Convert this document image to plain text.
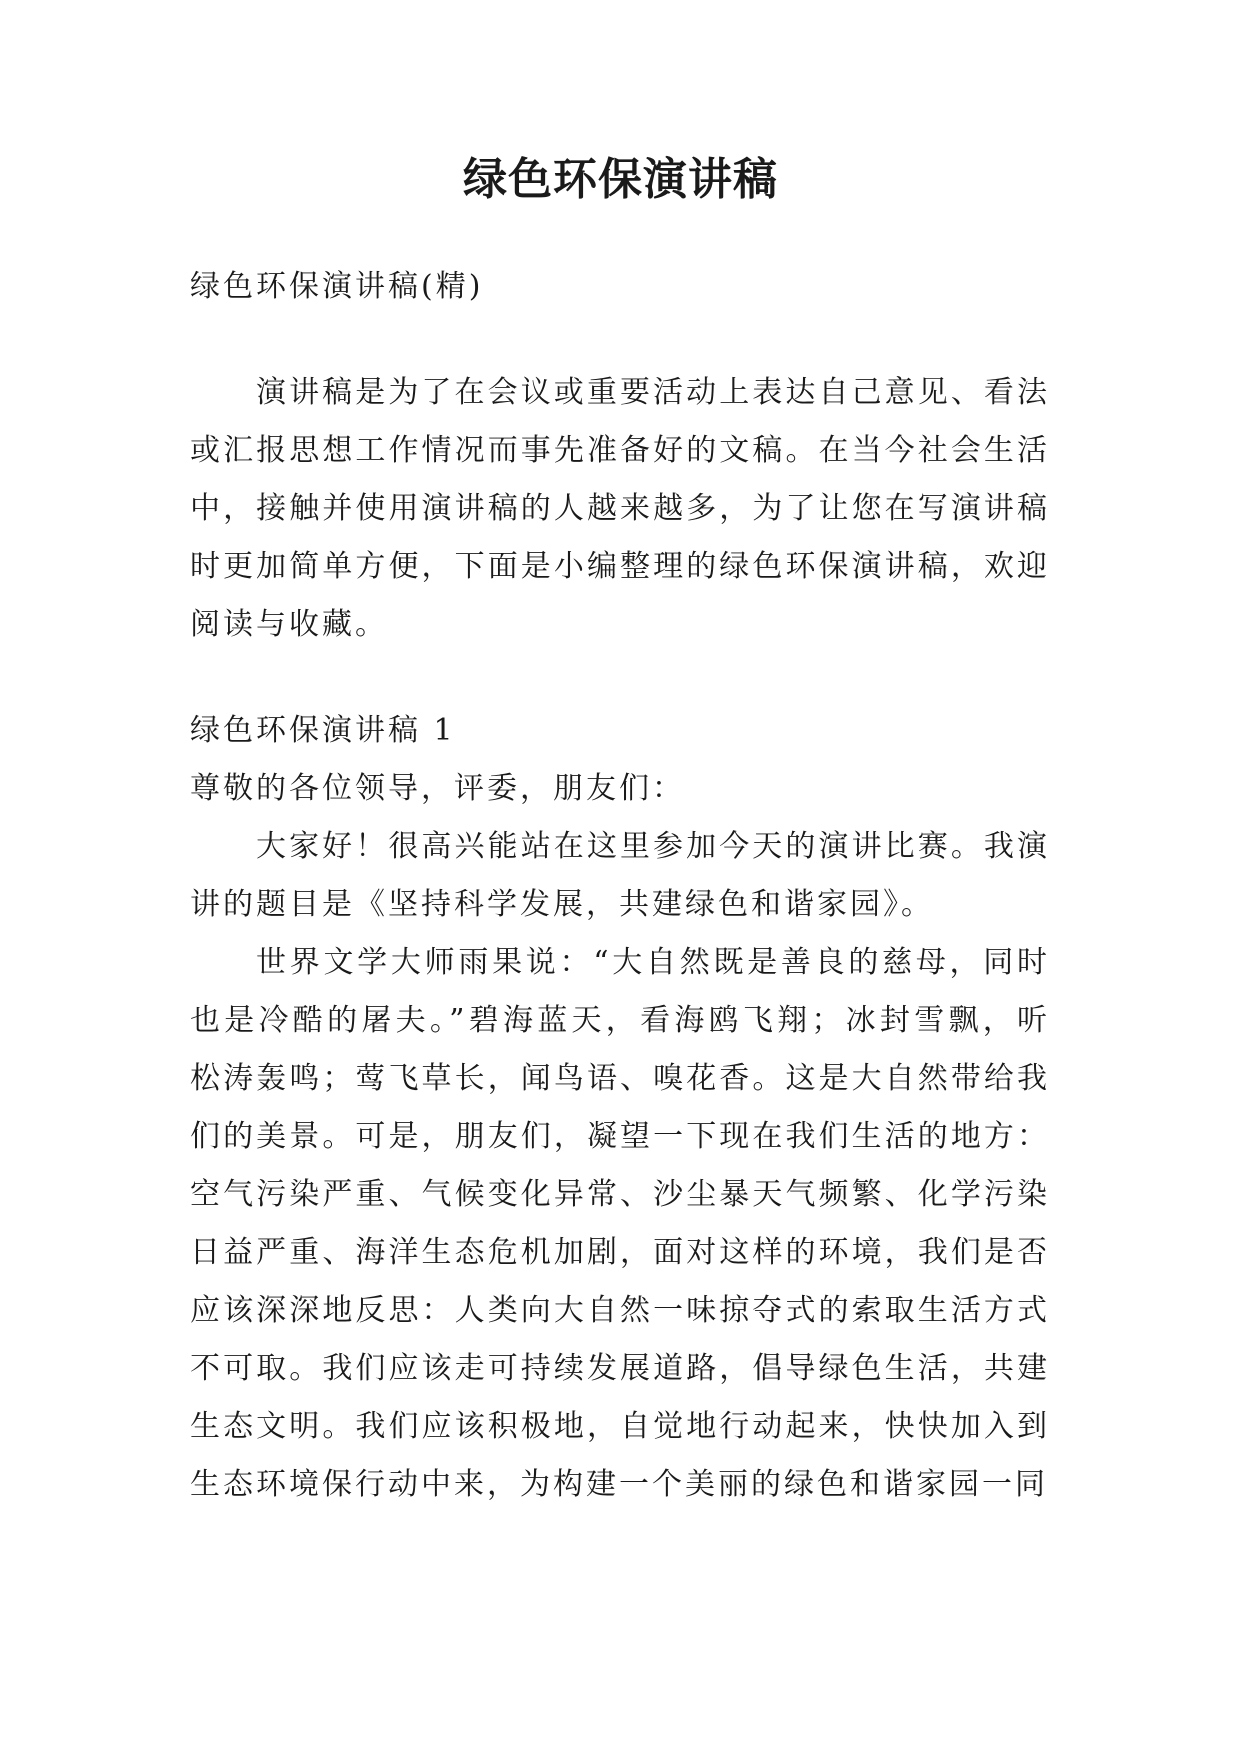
绿色环保演讲稿

绿色环保演讲稿(精)

演讲稿是为了在会议或重要活动上表达自己意见、看法或汇报思想工作情况而事先准备好的文稿。在当今社会生活中，接触并使用演讲稿的人越来越多，为了让您在写演讲稿时更加简单方便，下面是小编整理的绿色环保演讲稿，欢迎阅读与收藏。

绿色环保演讲稿 1

尊敬的各位领导，评委，朋友们：

大家好！很高兴能站在这里参加今天的演讲比赛。我演讲的题目是《坚持科学发展，共建绿色和谐家园》。

世界文学大师雨果说：“大自然既是善良的慈母，同时也是冷酷的屠夫。”碧海蓝天，看海鸥飞翔；冰封雪飘，听松涛轰鸣；莺飞草长，闻鸟语、嗅花香。这是大自然带给我们的美景。可是，朋友们，凝望一下现在我们生活的地方：空气污染严重、气候变化异常、沙尘暴天气频繁、化学污染日益严重、海洋生态危机加剧，面对这样的环境，我们是否应该深深地反思：人类向大自然一味掠夺式的索取生活方式不可取。我们应该走可持续发展道路，倡导绿色生活，共建生态文明。我们应该积极地，自觉地行动起来，快快加入到生态环境保行动中来，为构建一个美丽的绿色和谐家园一同
